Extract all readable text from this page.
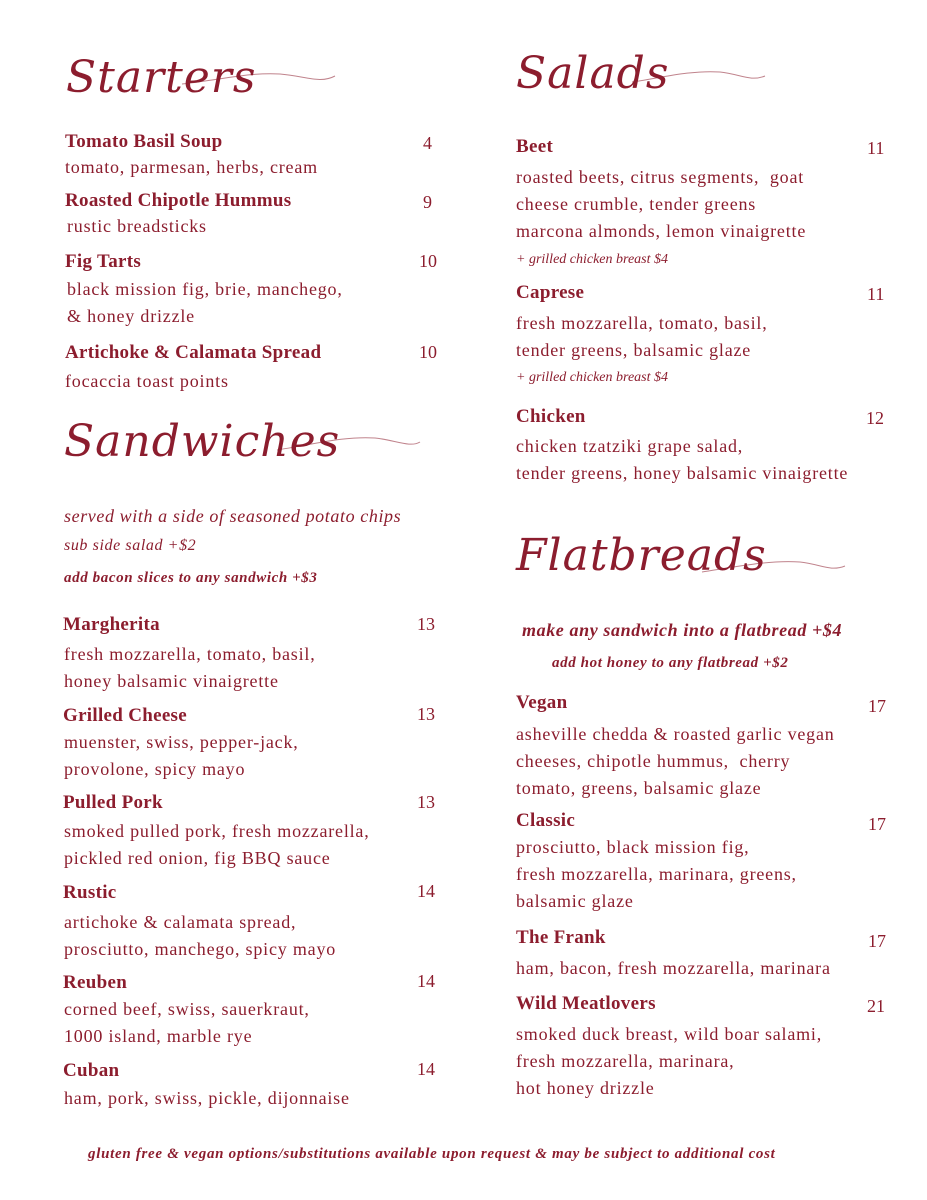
Starters
Tomato Basil Soup	4
tomato, parmesan, herbs, cream
Roasted Chipotle Hummus	9
rustic breadsticks
Fig Tarts	10
black mission fig, brie, manchego,
& honey drizzle
Artichoke & Calamata Spread	10
focaccia toast points
Sandwiches
served with a side of seasoned potato chips
sub side salad +$2
add bacon slices to any sandwich +$3
Margherita	13
fresh mozzarella, tomato, basil,
honey balsamic vinaigrette
Grilled Cheese	13
muenster, swiss, pepper-jack,
provolone, spicy mayo
Pulled Pork	13
smoked pulled pork, fresh mozzarella,
pickled red onion, fig BBQ sauce
Rustic	14
artichoke & calamata spread,
prosciutto, manchego, spicy mayo
Reuben	14
corned beef, swiss, sauerkraut,
1000 island, marble rye
Cuban	14
ham, pork, swiss, pickle, dijonnaise
Salads
Beet	11
roasted beets, citrus segments,  goat
cheese crumble, tender greens
marcona almonds, lemon vinaigrette
+ grilled chicken breast $4
Caprese	11
fresh mozzarella, tomato, basil,
tender greens, balsamic glaze
+ grilled chicken breast $4
Chicken	12
chicken tzatziki grape salad,
tender greens, honey balsamic vinaigrette
Flatbreads
make any sandwich into a flatbread +$4
add hot honey to any flatbread +$2
Vegan	17
asheville chedda & roasted garlic vegan
cheeses, chipotle hummus,  cherry
tomato, greens, balsamic glaze
Classic	17
prosciutto, black mission fig,
fresh mozzarella, marinara, greens,
balsamic glaze
The Frank	17
ham, bacon, fresh mozzarella, marinara
Wild Meatlovers	21
smoked duck breast, wild boar salami,
fresh mozzarella, marinara,
hot honey drizzle
gluten free & vegan options/substitutions available upon request & may be subject to additional cost
